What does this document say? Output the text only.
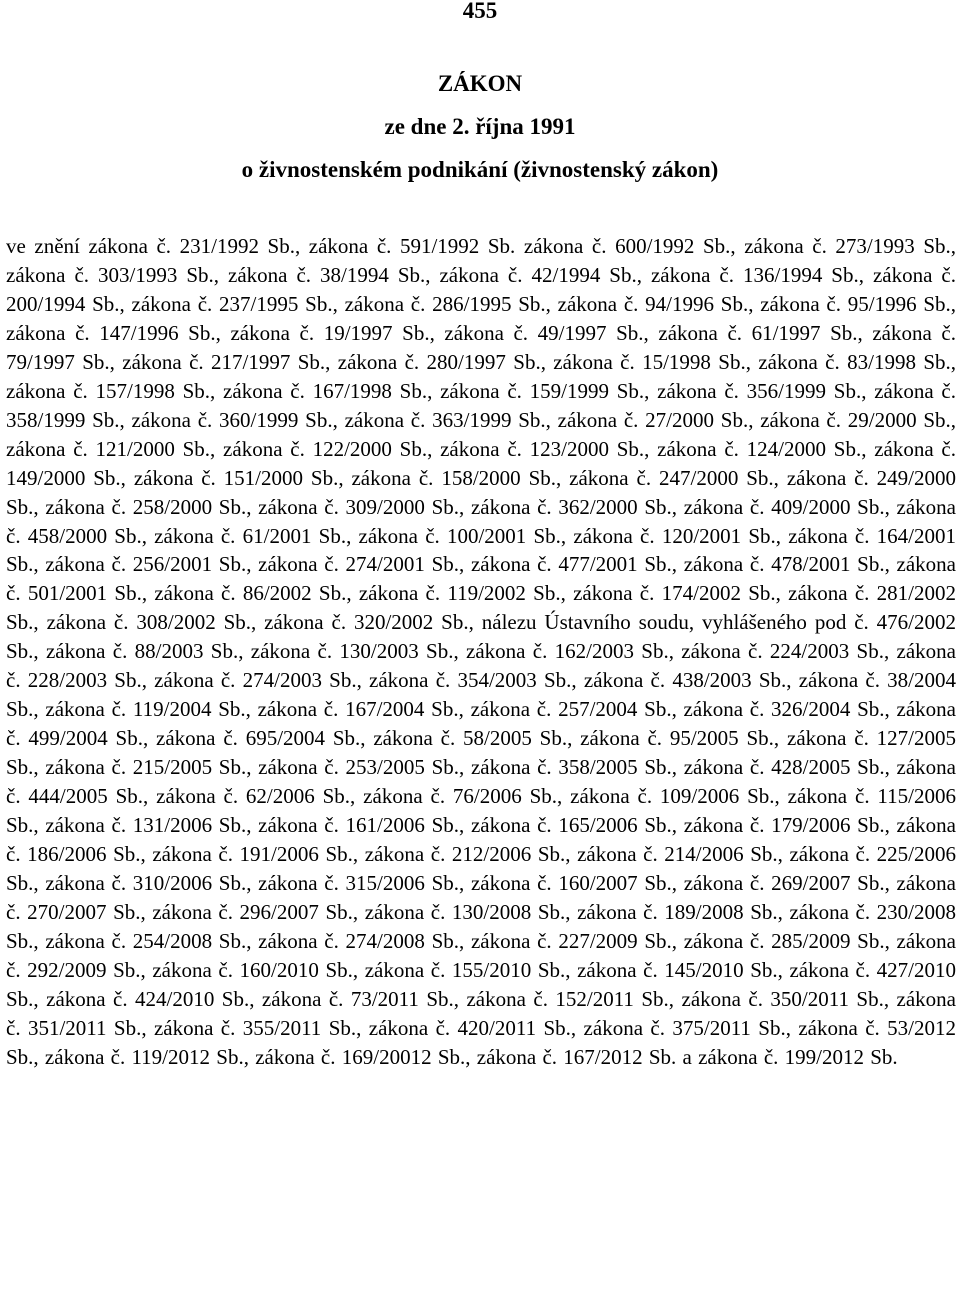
455
ZÁKON
ze dne 2. října 1991
o živnostenském podnikání (živnostenský zákon)

ve znění zákona č. 231/1992 Sb., zákona č. 591/1992 Sb. zákona č. 600/1992 Sb., zákona č. 273/1993 Sb., zákona č. 303/1993 Sb., zákona č. 38/1994 Sb., zákona č. 42/1994 Sb., zákona č. 136/1994 Sb., zákona č. 200/1994 Sb., zákona č. 237/1995 Sb., zákona č. 286/1995 Sb., zákona č. 94/1996 Sb., zákona č. 95/1996 Sb., zákona č. 147/1996 Sb., zákona č. 19/1997 Sb., zákona č. 49/1997 Sb., zákona č. 61/1997 Sb., zákona č. 79/1997 Sb., zákona č. 217/1997 Sb., zákona č. 280/1997 Sb., zákona č. 15/1998 Sb., zákona č. 83/1998 Sb., zákona č. 157/1998 Sb., zákona č. 167/1998 Sb., zákona č. 159/1999 Sb., zákona č. 356/1999 Sb., zákona č. 358/1999 Sb., zákona č. 360/1999 Sb., zákona č. 363/1999 Sb., zákona č. 27/2000 Sb., zákona č. 29/2000 Sb., zákona č. 121/2000 Sb., zákona č. 122/2000 Sb., zákona č. 123/2000 Sb., zákona č. 124/2000 Sb., zákona č. 149/2000 Sb., zákona č. 151/2000 Sb., zákona č. 158/2000 Sb., zákona č. 247/2000 Sb., zákona č. 249/2000 Sb., zákona č. 258/2000 Sb., zákona č. 309/2000 Sb., zákona č. 362/2000 Sb., zákona č. 409/2000 Sb., zákona č. 458/2000 Sb., zákona č. 61/2001 Sb., zákona č. 100/2001 Sb., zákona č. 120/2001 Sb., zákona č. 164/2001 Sb., zákona č. 256/2001 Sb., zákona č. 274/2001 Sb., zákona č. 477/2001 Sb., zákona č. 478/2001 Sb., zákona č. 501/2001 Sb., zákona č. 86/2002 Sb., zákona č. 119/2002 Sb., zákona č. 174/2002 Sb., zákona č. 281/2002 Sb., zákona č. 308/2002 Sb., zákona č. 320/2002 Sb., nálezu Ústavního soudu, vyhlášeného pod č. 476/2002 Sb., zákona č. 88/2003 Sb., zákona č. 130/2003 Sb., zákona č. 162/2003 Sb., zákona č. 224/2003 Sb., zákona č. 228/2003 Sb., zákona č. 274/2003 Sb., zákona č. 354/2003 Sb., zákona č. 438/2003 Sb., zákona č. 38/2004 Sb., zákona č. 119/2004 Sb., zákona č. 167/2004 Sb., zákona č. 257/2004 Sb., zákona č. 326/2004 Sb., zákona č. 499/2004 Sb., zákona č. 695/2004 Sb., zákona č. 58/2005 Sb., zákona č. 95/2005 Sb., zákona č. 127/2005 Sb., zákona č. 215/2005 Sb., zákona č. 253/2005 Sb., zákona č. 358/2005 Sb., zákona č. 428/2005 Sb., zákona č. 444/2005 Sb., zákona č. 62/2006 Sb., zákona č. 76/2006 Sb., zákona č. 109/2006 Sb., zákona č. 115/2006 Sb., zákona č. 131/2006 Sb., zákona č. 161/2006 Sb., zákona č. 165/2006 Sb., zákona č. 179/2006 Sb., zákona č. 186/2006 Sb., zákona č. 191/2006 Sb., zákona č. 212/2006 Sb., zákona č. 214/2006 Sb., zákona č. 225/2006 Sb., zákona č. 310/2006 Sb., zákona č. 315/2006 Sb., zákona č. 160/2007 Sb., zákona č. 269/2007 Sb., zákona č. 270/2007 Sb., zákona č. 296/2007 Sb., zákona č. 130/2008 Sb., zákona č. 189/2008 Sb., zákona č. 230/2008 Sb., zákona č. 254/2008 Sb., zákona č. 274/2008 Sb., zákona č. 227/2009 Sb., zákona č. 285/2009 Sb., zákona č. 292/2009 Sb., zákona č. 160/2010 Sb., zákona č. 155/2010 Sb., zákona č. 145/2010 Sb., zákona č. 427/2010 Sb., zákona č. 424/2010 Sb., zákona č. 73/2011 Sb., zákona č. 152/2011 Sb., zákona č. 350/2011 Sb., zákona č. 351/2011 Sb., zákona č. 355/2011 Sb., zákona č. 420/2011 Sb., zákona č. 375/2011 Sb., zákona č. 53/2012 Sb., zákona č. 119/2012 Sb., zákona č. 169/20012 Sb., zákona č. 167/2012 Sb. a zákona č. 199/2012 Sb.
